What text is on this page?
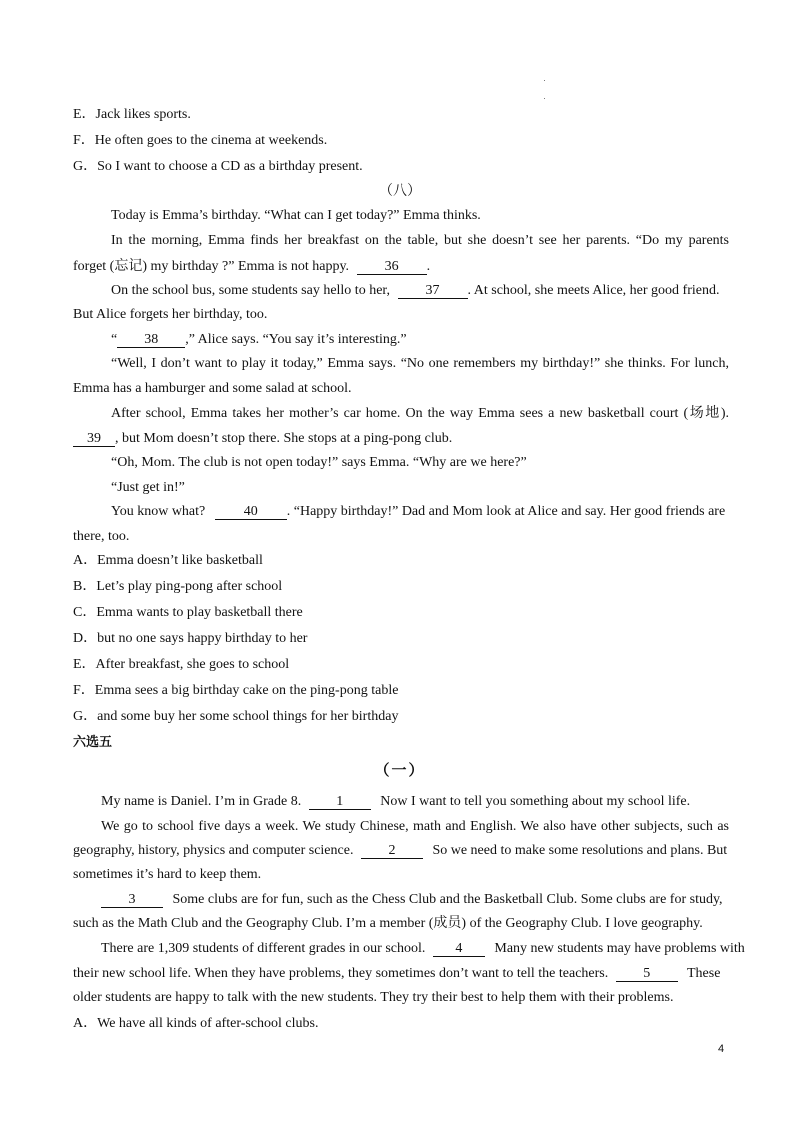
E．Jack likes sports.
F．He often goes to the cinema at weekends.
G．So I want to choose a CD as a birthday present.
（八）
Today is Emma’s birthday. “What can I get today?” Emma thinks.
In the morning, Emma finds her breakfast on the table, but she doesn’t see her parents. “Do my parents
forget (忘记) my birthday ?” Emma is not happy.	36 .
On the school bus, some students say hello to her,	37 . At school, she meets Alice, her good friend.
But Alice forgets her birthday, too.
“ 38 ,” Alice says. “You say it’s interesting.”
“Well, I don’t want to play it today,” Emma says. “No one remembers my birthday!” she thinks. For lunch,
Emma has a hamburger and some salad at school.
After school, Emma takes her mother’s car home. On the way Emma sees a new basketball court (场地).
39 , but Mom doesn’t stop there. She stops at a ping-pong club.
“Oh, Mom. The club is not open today!” says Emma. “Why are we here?”
“Just get in!”
You know what?	40 . “Happy birthday!” Dad and Mom look at Alice and say. Her good friends are
there, too.
A．Emma doesn’t like basketball
B．Let’s play ping-pong after school
C．Emma wants to play basketball there
D．but no one says happy birthday to her
E．After breakfast, she goes to school
F．Emma sees a big birthday cake on the ping-pong table
G．and some buy her some school things for her birthday
六选五
（一）
My name is Daniel. I’m in Grade 8.	1	Now I want to tell you something about my school life.
We go to school five days a week. We study Chinese, math and English. We also have other subjects, such as
geography, history, physics and computer science.	2	So we need to make some resolutions and plans. But
sometimes it’s hard to keep them.
3	Some clubs are for fun, such as the Chess Club and the Basketball Club. Some clubs are for study,
such as the Math Club and the Geography Club. I’m a member (成员) of the Geography Club. I love geography.
There are 1,309 students of different grades in our school. 4 Many new students may have problems with
their new school life. When they have problems, they sometimes don’t want to tell the teachers.	5	These
older students are happy to talk with the new students. They try their best to help them with their problems.
A．We have all kinds of after-school clubs.
4
